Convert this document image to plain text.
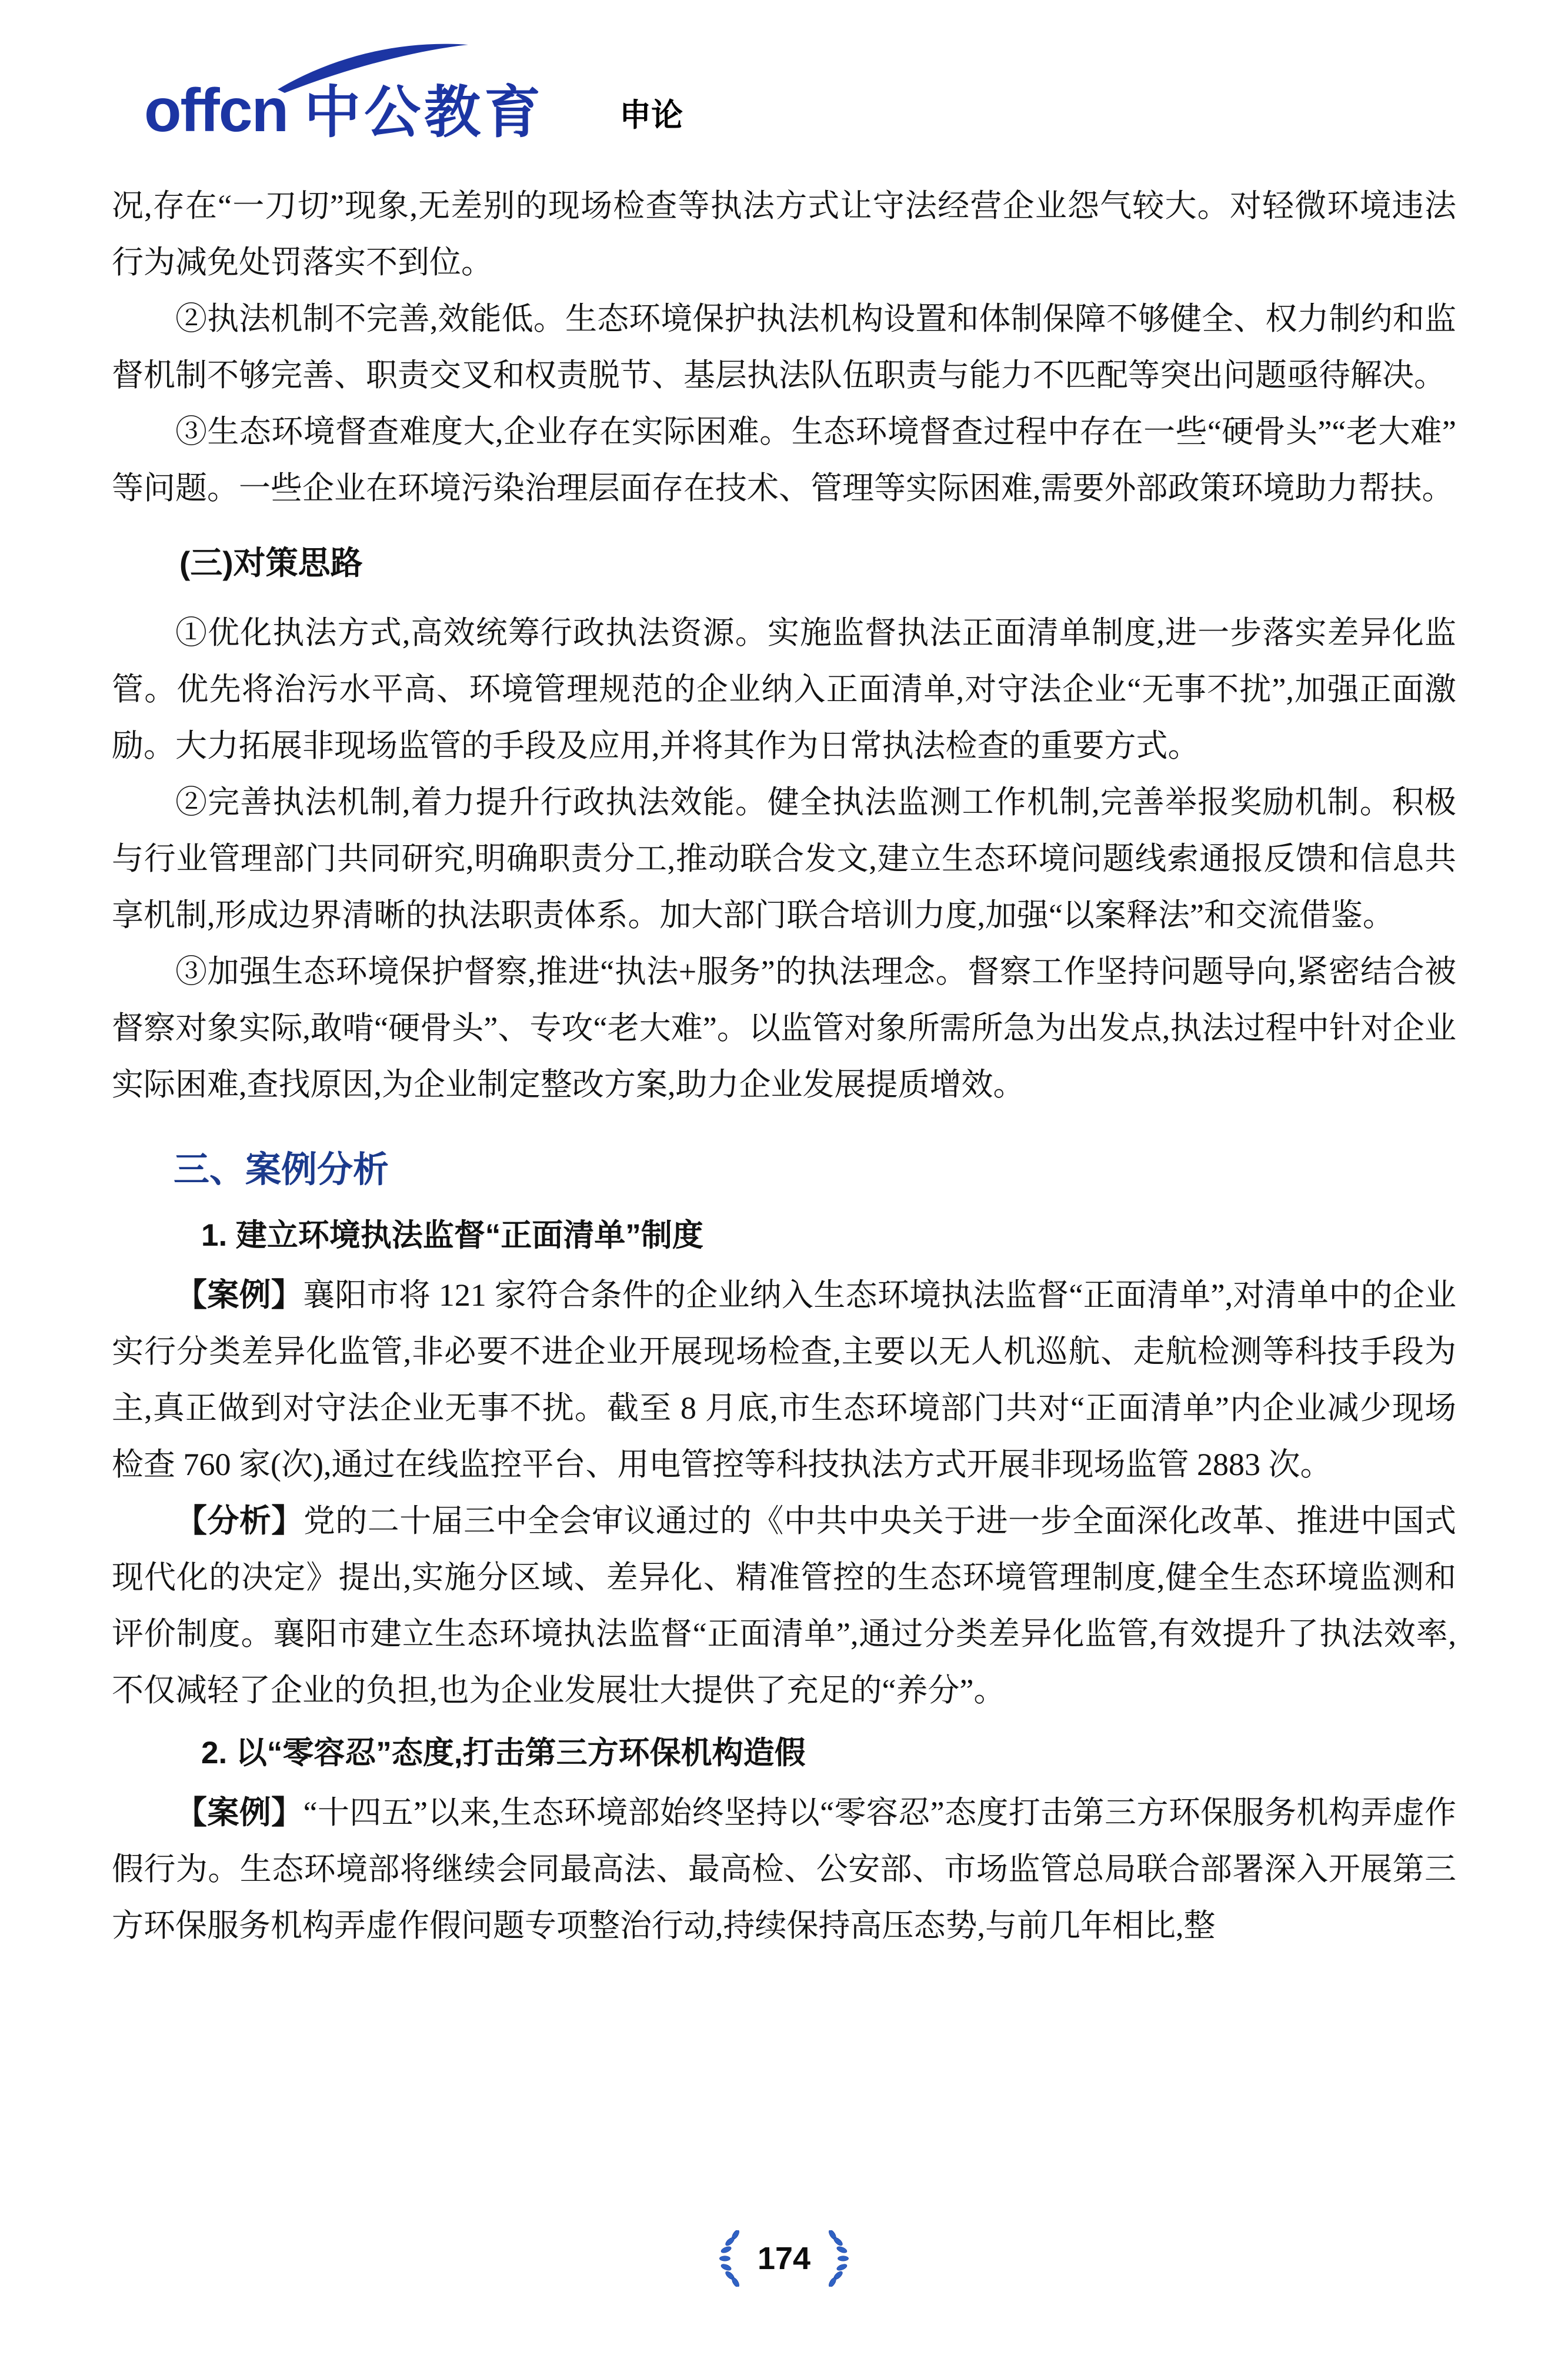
offcn 中公教育 申论

况,存在“一刀切”现象,无差别的现场检查等执法方式让守法经营企业怨气较大。对轻微环境违法行为减免处罚落实不到位。

②执法机制不完善,效能低。生态环境保护执法机构设置和体制保障不够健全、权力制约和监督机制不够完善、职责交叉和权责脱节、基层执法队伍职责与能力不匹配等突出问题亟待解决。

③生态环境督查难度大,企业存在实际困难。生态环境督查过程中存在一些“硬骨头”“老大难”等问题。一些企业在环境污染治理层面存在技术、管理等实际困难,需要外部政策环境助力帮扶。

(三)对策思路

①优化执法方式,高效统筹行政执法资源。实施监督执法正面清单制度,进一步落实差异化监管。优先将治污水平高、环境管理规范的企业纳入正面清单,对守法企业“无事不扰”,加强正面激励。大力拓展非现场监管的手段及应用,并将其作为日常执法检查的重要方式。

②完善执法机制,着力提升行政执法效能。健全执法监测工作机制,完善举报奖励机制。积极与行业管理部门共同研究,明确职责分工,推动联合发文,建立生态环境问题线索通报反馈和信息共享机制,形成边界清晰的执法职责体系。加大部门联合培训力度,加强“以案释法”和交流借鉴。

③加强生态环境保护督察,推进“执法+服务”的执法理念。督察工作坚持问题导向,紧密结合被督察对象实际,敢啃“硬骨头”、专攻“老大难”。以监管对象所需所急为出发点,执法过程中针对企业实际困难,查找原因,为企业制定整改方案,助力企业发展提质增效。

三、案例分析
1. 建立环境执法监督“正面清单”制度

【案例】襄阳市将 121 家符合条件的企业纳入生态环境执法监督“正面清单”,对清单中的企业实行分类差异化监管,非必要不进企业开展现场检查,主要以无人机巡航、走航检测等科技手段为主,真正做到对守法企业无事不扰。截至 8 月底,市生态环境部门共对“正面清单”内企业减少现场检查 760 家(次),通过在线监控平台、用电管控等科技执法方式开展非现场监管 2883 次。

【分析】党的二十届三中全会审议通过的《中共中央关于进一步全面深化改革、推进中国式现代化的决定》提出,实施分区域、差异化、精准管控的生态环境管理制度,健全生态环境监测和评价制度。襄阳市建立生态环境执法监督“正面清单”,通过分类差异化监管,有效提升了执法效率,不仅减轻了企业的负担,也为企业发展壮大提供了充足的“养分”。

2. 以“零容忍”态度,打击第三方环保机构造假

【案例】“十四五”以来,生态环境部始终坚持以“零容忍”态度打击第三方环保服务机构弄虚作假行为。生态环境部将继续会同最高法、最高检、公安部、市场监管总局联合部署深入开展第三方环保服务机构弄虚作假问题专项整治行动,持续保持高压态势,与前几年相比,整

174
